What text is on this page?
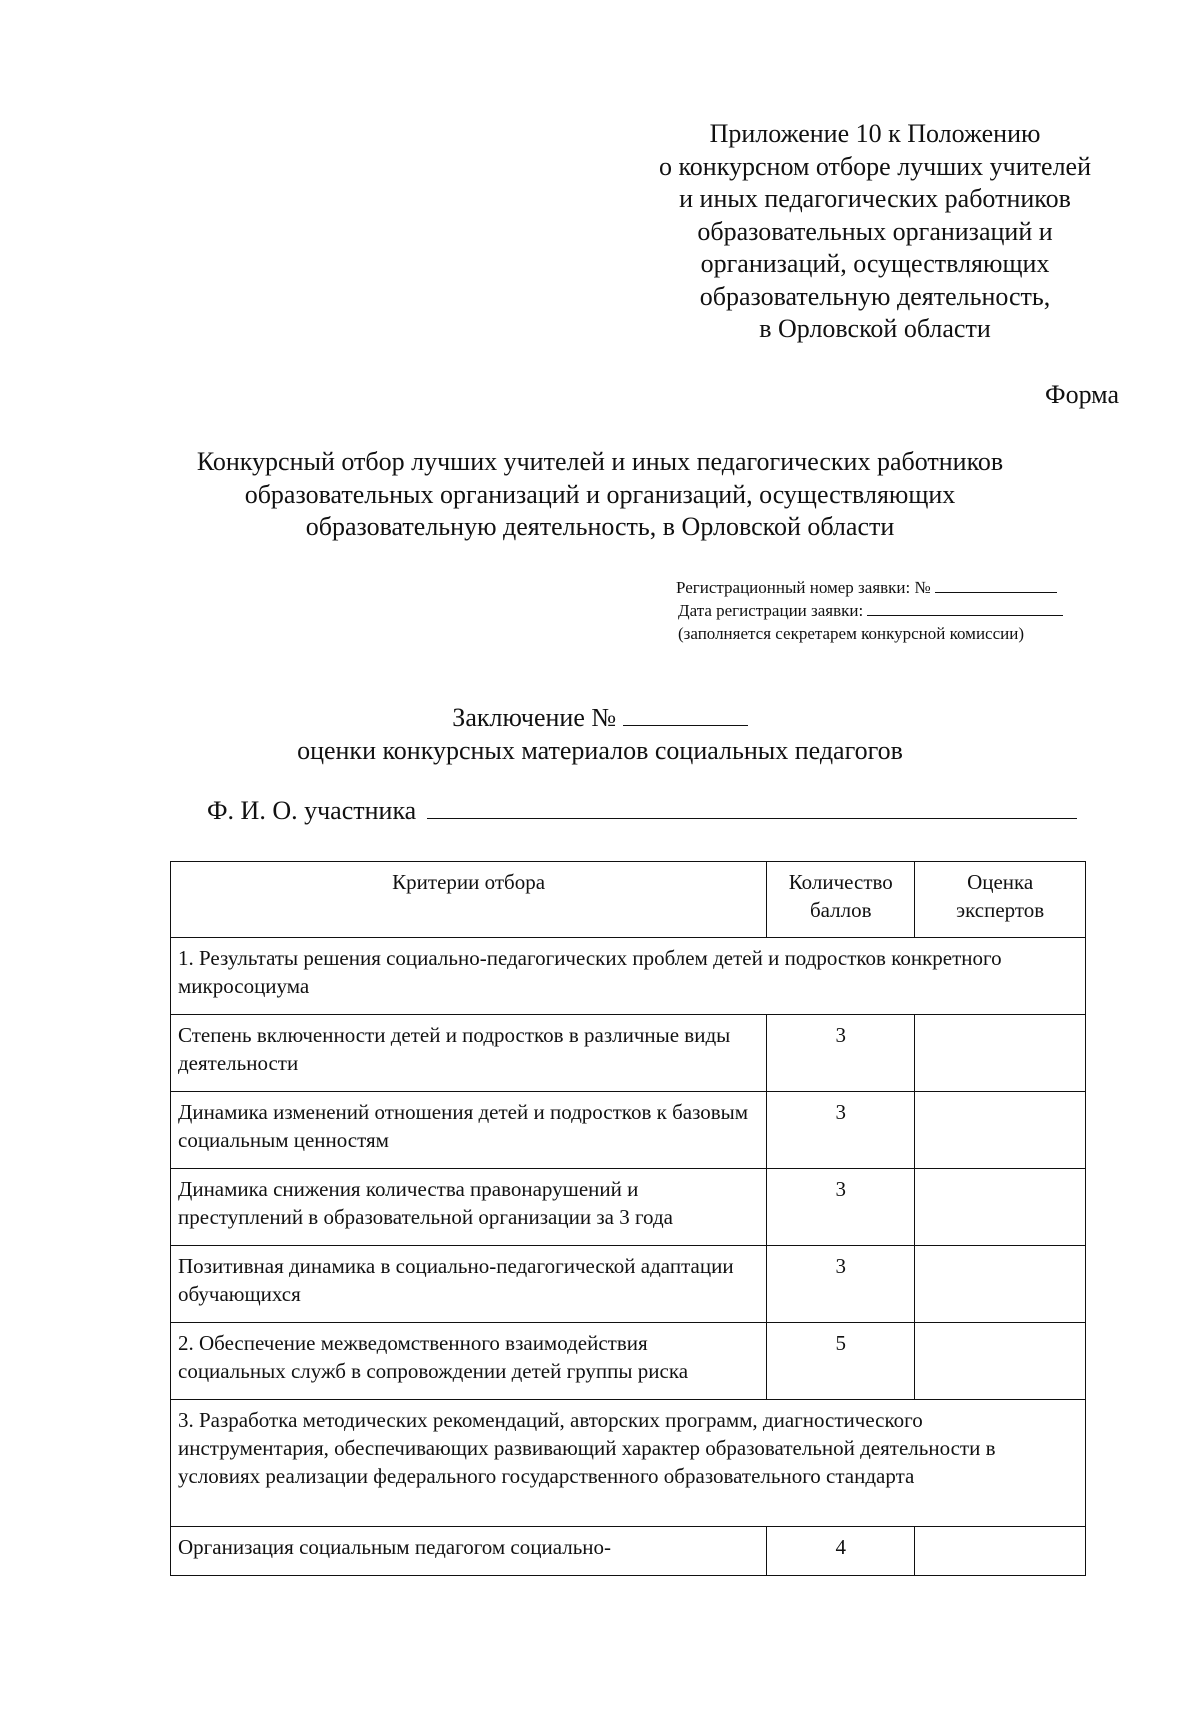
Приложение 10 к Положению
о конкурсном отборе лучших учителей
и иных педагогических работников
образовательных организаций и
организаций, осуществляющих
образовательную деятельность,
в Орловской области
Форма
Конкурсный отбор лучших учителей и иных педагогических работников
образовательных организаций и организаций, осуществляющих
образовательную деятельность, в Орловской области
Регистрационный номер заявки: №
Дата регистрации заявки:
(заполняется секретарем конкурсной комиссии)
Заключение №
оценки конкурсных материалов социальных педагогов
Ф. И. О. участника
Критерии отбора	Количество баллов	Оценка экспертов
1. Результаты решения социально-педагогических проблем детей и подростков конкретного микросоциума		
Степень включенности детей и подростков в различные виды деятельности	3	
Динамика изменений отношения детей и подростков к базовым социальным ценностям	3	
Динамика снижения количества правонарушений и преступлений в образовательной организации за 3 года	3	
Позитивная динамика в социально-педагогической адаптации обучающихся	3	
2. Обеспечение межведомственного взаимодействия социальных служб в сопровождении детей группы риска	5	
3. Разработка методических рекомендаций, авторских программ, диагностического инструментария, обеспечивающих развивающий характер образовательной деятельности в условиях реализации федерального государственного образовательного стандарта		
Организация социальным педагогом социально-	4	
